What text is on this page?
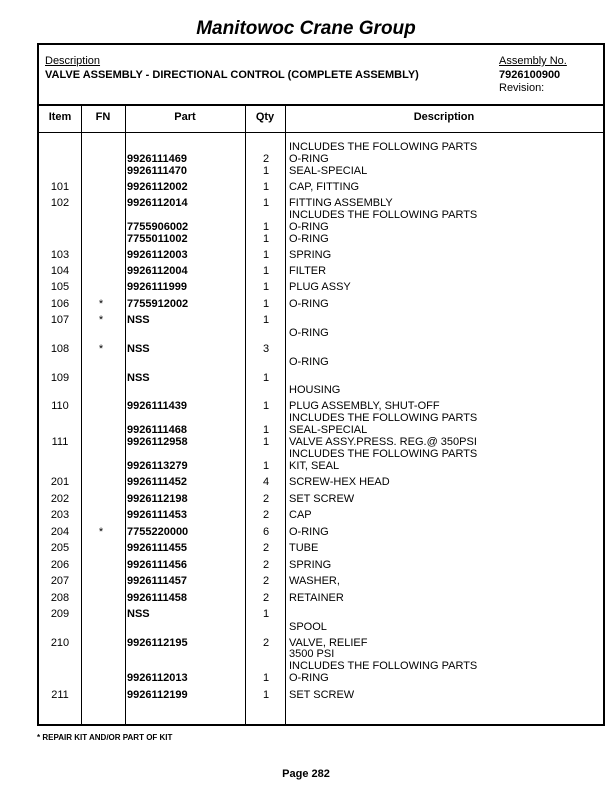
Manitowoc Crane Group
Description
VALVE ASSEMBLY - DIRECTIONAL CONTROL (COMPLETE ASSEMBLY)
Assembly No.
7926100900
Revision:
Item	FN	Part	Qty	Description
INCLUDES THE FOLLOWING PARTS
9926111469	2	O-RING
9926111470	1	SEAL-SPECIAL
101	9926112002	1	CAP, FITTING
102	9926112014	1	FITTING ASSEMBLY
INCLUDES THE FOLLOWING PARTS
7755906002	1	O-RING
7755011002	1	O-RING
103	9926112003	1	SPRING
104	9926112004	1	FILTER
105	9926111999	1	PLUG ASSY
106	*	7755912002	1	O-RING
107	*	NSS	1
O-RING
108	*	NSS	3
O-RING
109	NSS	1
HOUSING
110	9926111439	1	PLUG ASSEMBLY, SHUT-OFF
INCLUDES THE FOLLOWING PARTS
9926111468	1	SEAL-SPECIAL
111	9926112958	1	VALVE ASSY.PRESS. REG.@ 350PSI
INCLUDES THE FOLLOWING PARTS
9926113279	1	KIT, SEAL
201	9926111452	4	SCREW-HEX HEAD
202	9926112198	2	SET SCREW
203	9926111453	2	CAP
204	*	7755220000	6	O-RING
205	9926111455	2	TUBE
206	9926111456	2	SPRING
207	9926111457	2	WASHER,
208	9926111458	2	RETAINER
209	NSS	1
SPOOL
210	9926112195	2	VALVE, RELIEF
3500 PSI
INCLUDES THE FOLLOWING PARTS
9926112013	1	O-RING
211	9926112199	1	SET SCREW
* REPAIR KIT AND/OR PART OF KIT
Page 282
